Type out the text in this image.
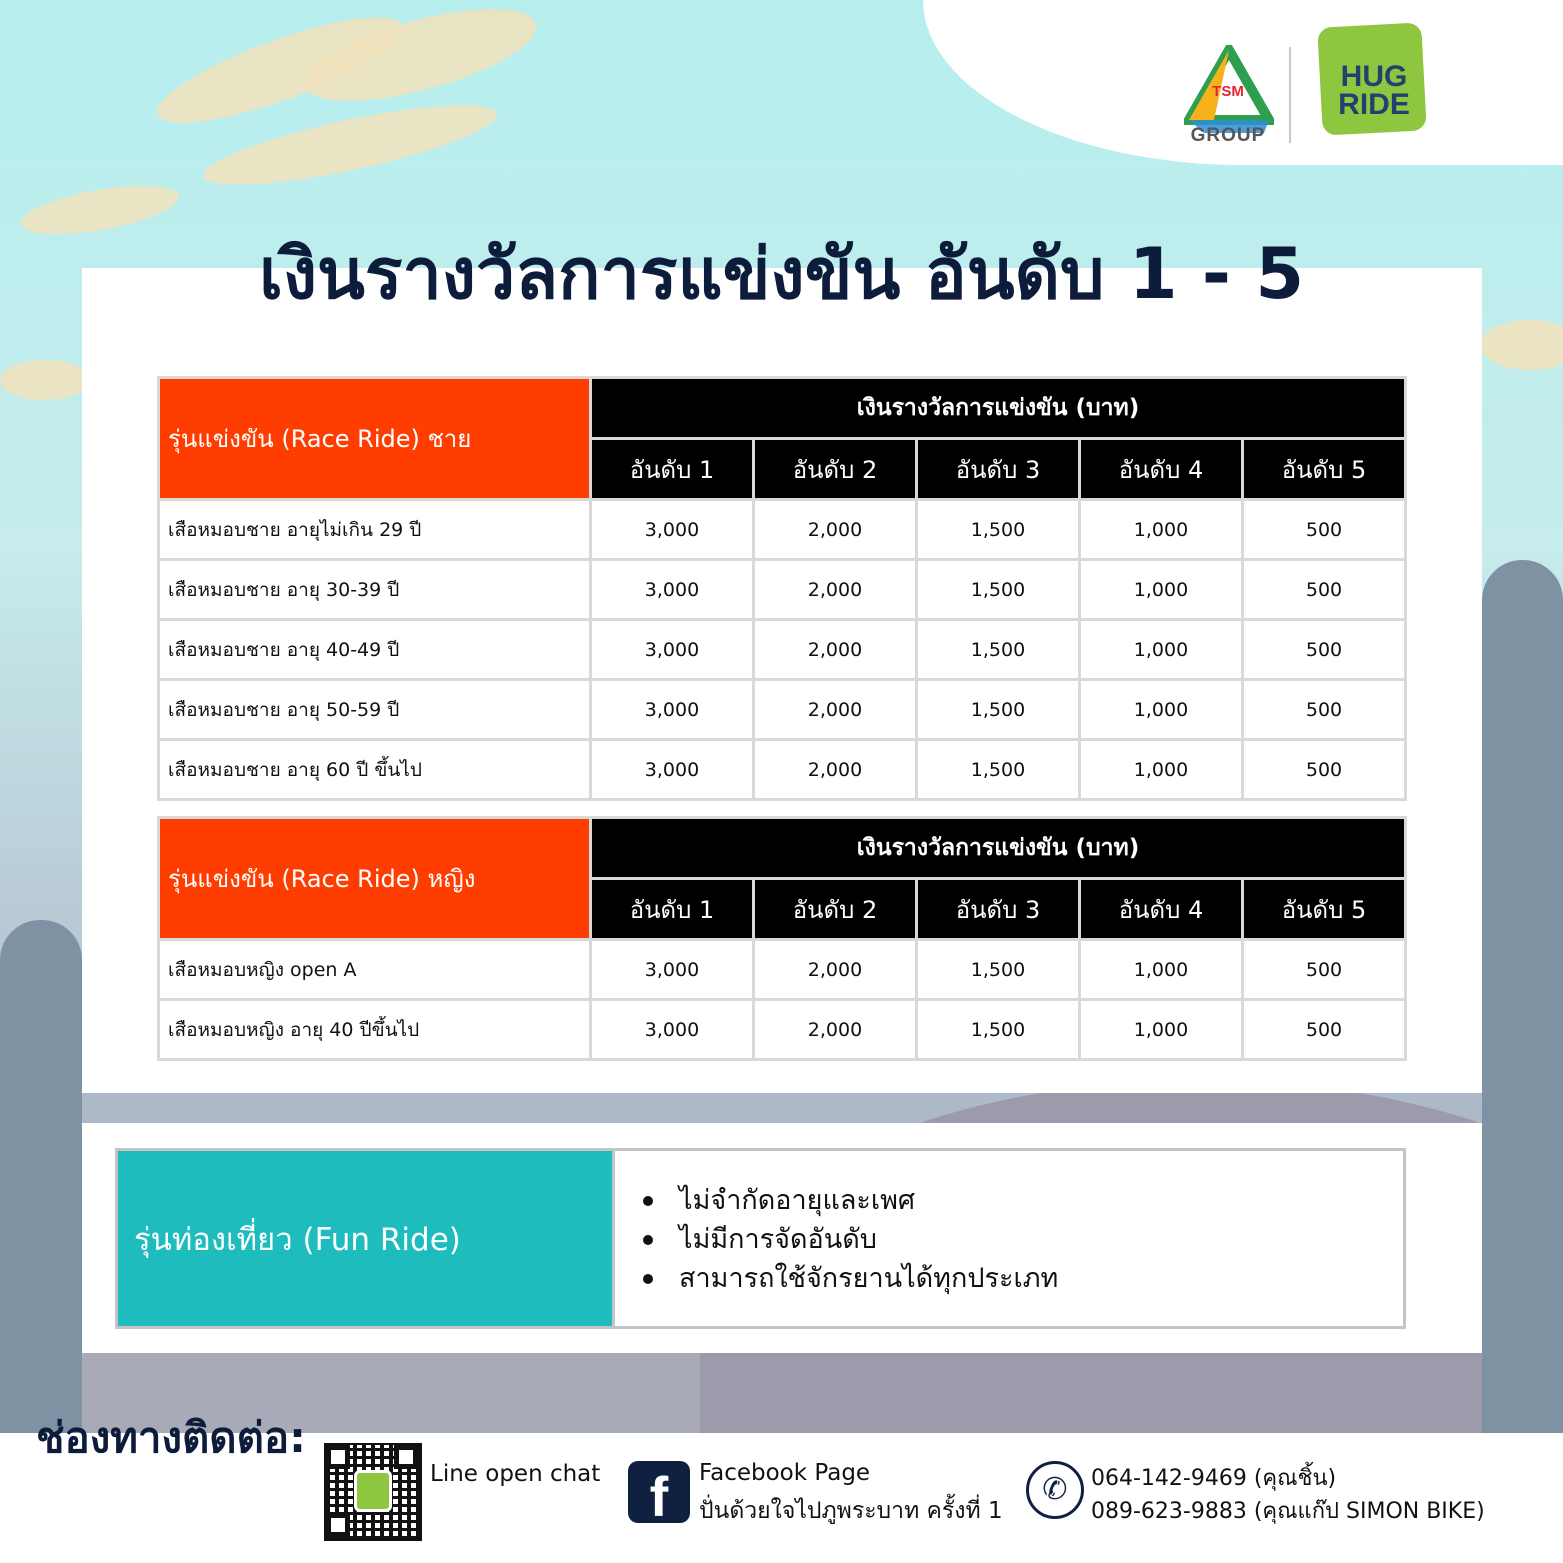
TSM
GROUP
HUG RIDE
เงินรางวัลการแข่งขัน อันดับ 1 - 5
รุ่นแข่งขัน (Race Ride) ชาย	เงินรางวัลการแข่งขัน (บาท)				
	อันดับ 1	อันดับ 2	อันดับ 3	อันดับ 4	อันดับ 5
เสือหมอบชาย อายุไม่เกิน 29 ปี	3,000	2,000	1,500	1,000	500
เสือหมอบชาย อายุ 30-39 ปี	3,000	2,000	1,500	1,000	500
เสือหมอบชาย อายุ 40-49 ปี	3,000	2,000	1,500	1,000	500
เสือหมอบชาย อายุ 50-59 ปี	3,000	2,000	1,500	1,000	500
เสือหมอบชาย อายุ 60 ปี ขึ้นไป	3,000	2,000	1,500	1,000	500
รุ่นแข่งขัน (Race Ride) หญิง	เงินรางวัลการแข่งขัน (บาท)				
	อันดับ 1	อันดับ 2	อันดับ 3	อันดับ 4	อันดับ 5
เสือหมอบหญิง open A	3,000	2,000	1,500	1,000	500
เสือหมอบหญิง อายุ 40 ปีขึ้นไป	3,000	2,000	1,500	1,000	500
รุ่นท่องเที่ยว (Fun Ride)
ไม่จำกัดอายุและเพศ
ไม่มีการจัดอันดับ
สามารถใช้จักรยานได้ทุกประเภท
ช่องทางติดต่อ:
Line open chat f	Facebook Page
ปั่นด้วยใจไปภูพระบาท ครั้งที่ 1
✆	064-142-9469 (คุณชิ้น)
089-623-9883 (คุณแก๊ป SIMON BIKE)
